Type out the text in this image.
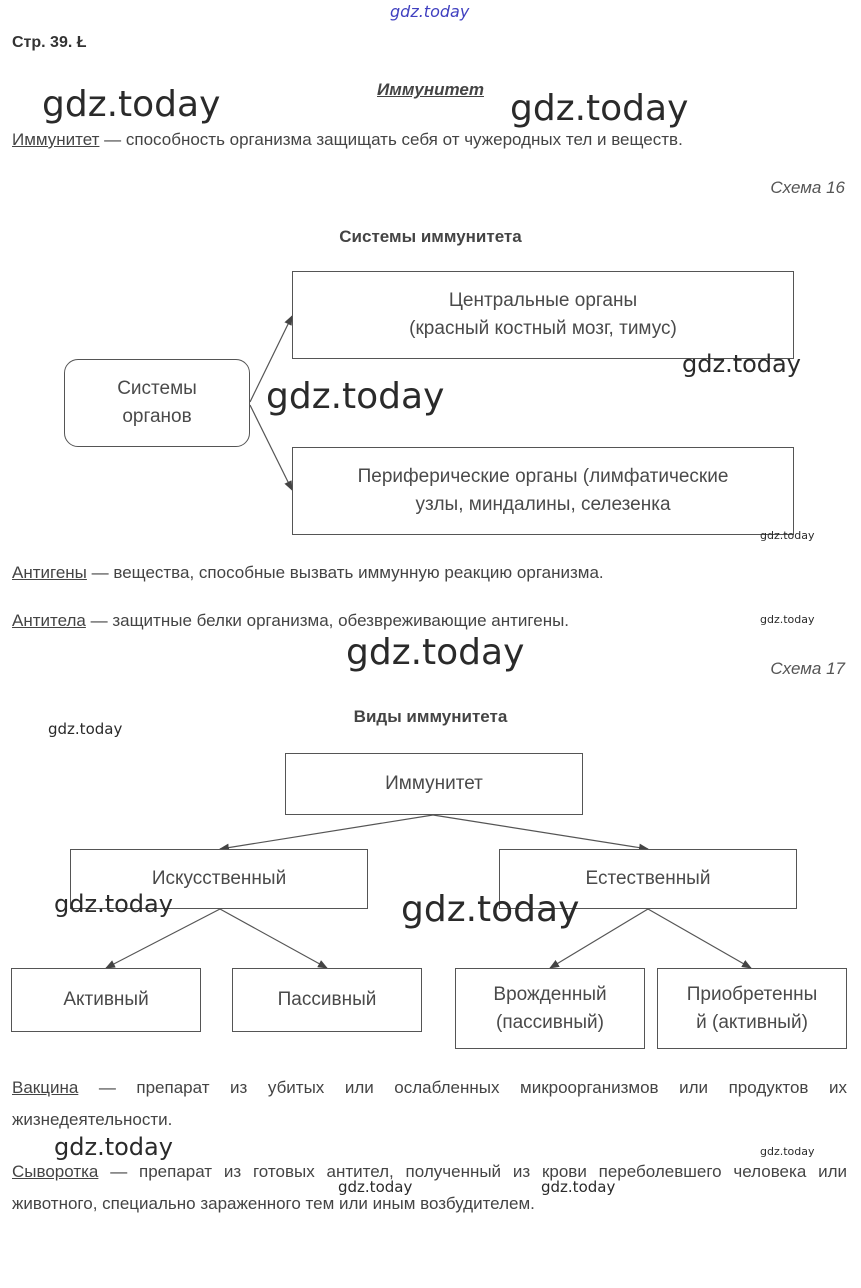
gdz.today
Стр. 39. Ł
Иммунитет
Иммунитет — способность организма защищать себя от чужеродных тел и веществ.
Схема 16
Системы иммунитета
Системы
органов
Центральные органы
(красный костный мозг, тимус)
Периферические органы (лимфатические
узлы, миндалины, селезенка
Антигены — вещества, способные вызвать иммунную реакцию организма.
Антитела — защитные белки организма, обезвреживающие антигены.
Схема 17
Виды иммунитета
Иммунитет
Искусственный	Естественный
Активный	Пассивный	Врожденный
(пассивный)
Приобретенны
й (активный)
Вакцина — препарат из убитых или ослабленных микроорганизмов или продуктов их жизнедеятельности.
Сыворотка — препарат из готовых антител, полученный из крови переболевшего человека или животного, специально зараженного тем или иным возбудителем.
gdz.today	gdz.today
gdz.today
gdz.today
gdz.today
gdz.today
gdz.today
gdz.today
gdz.today	gdz.today
gdz.today	gdz.today
gdz.today	gdz.today
